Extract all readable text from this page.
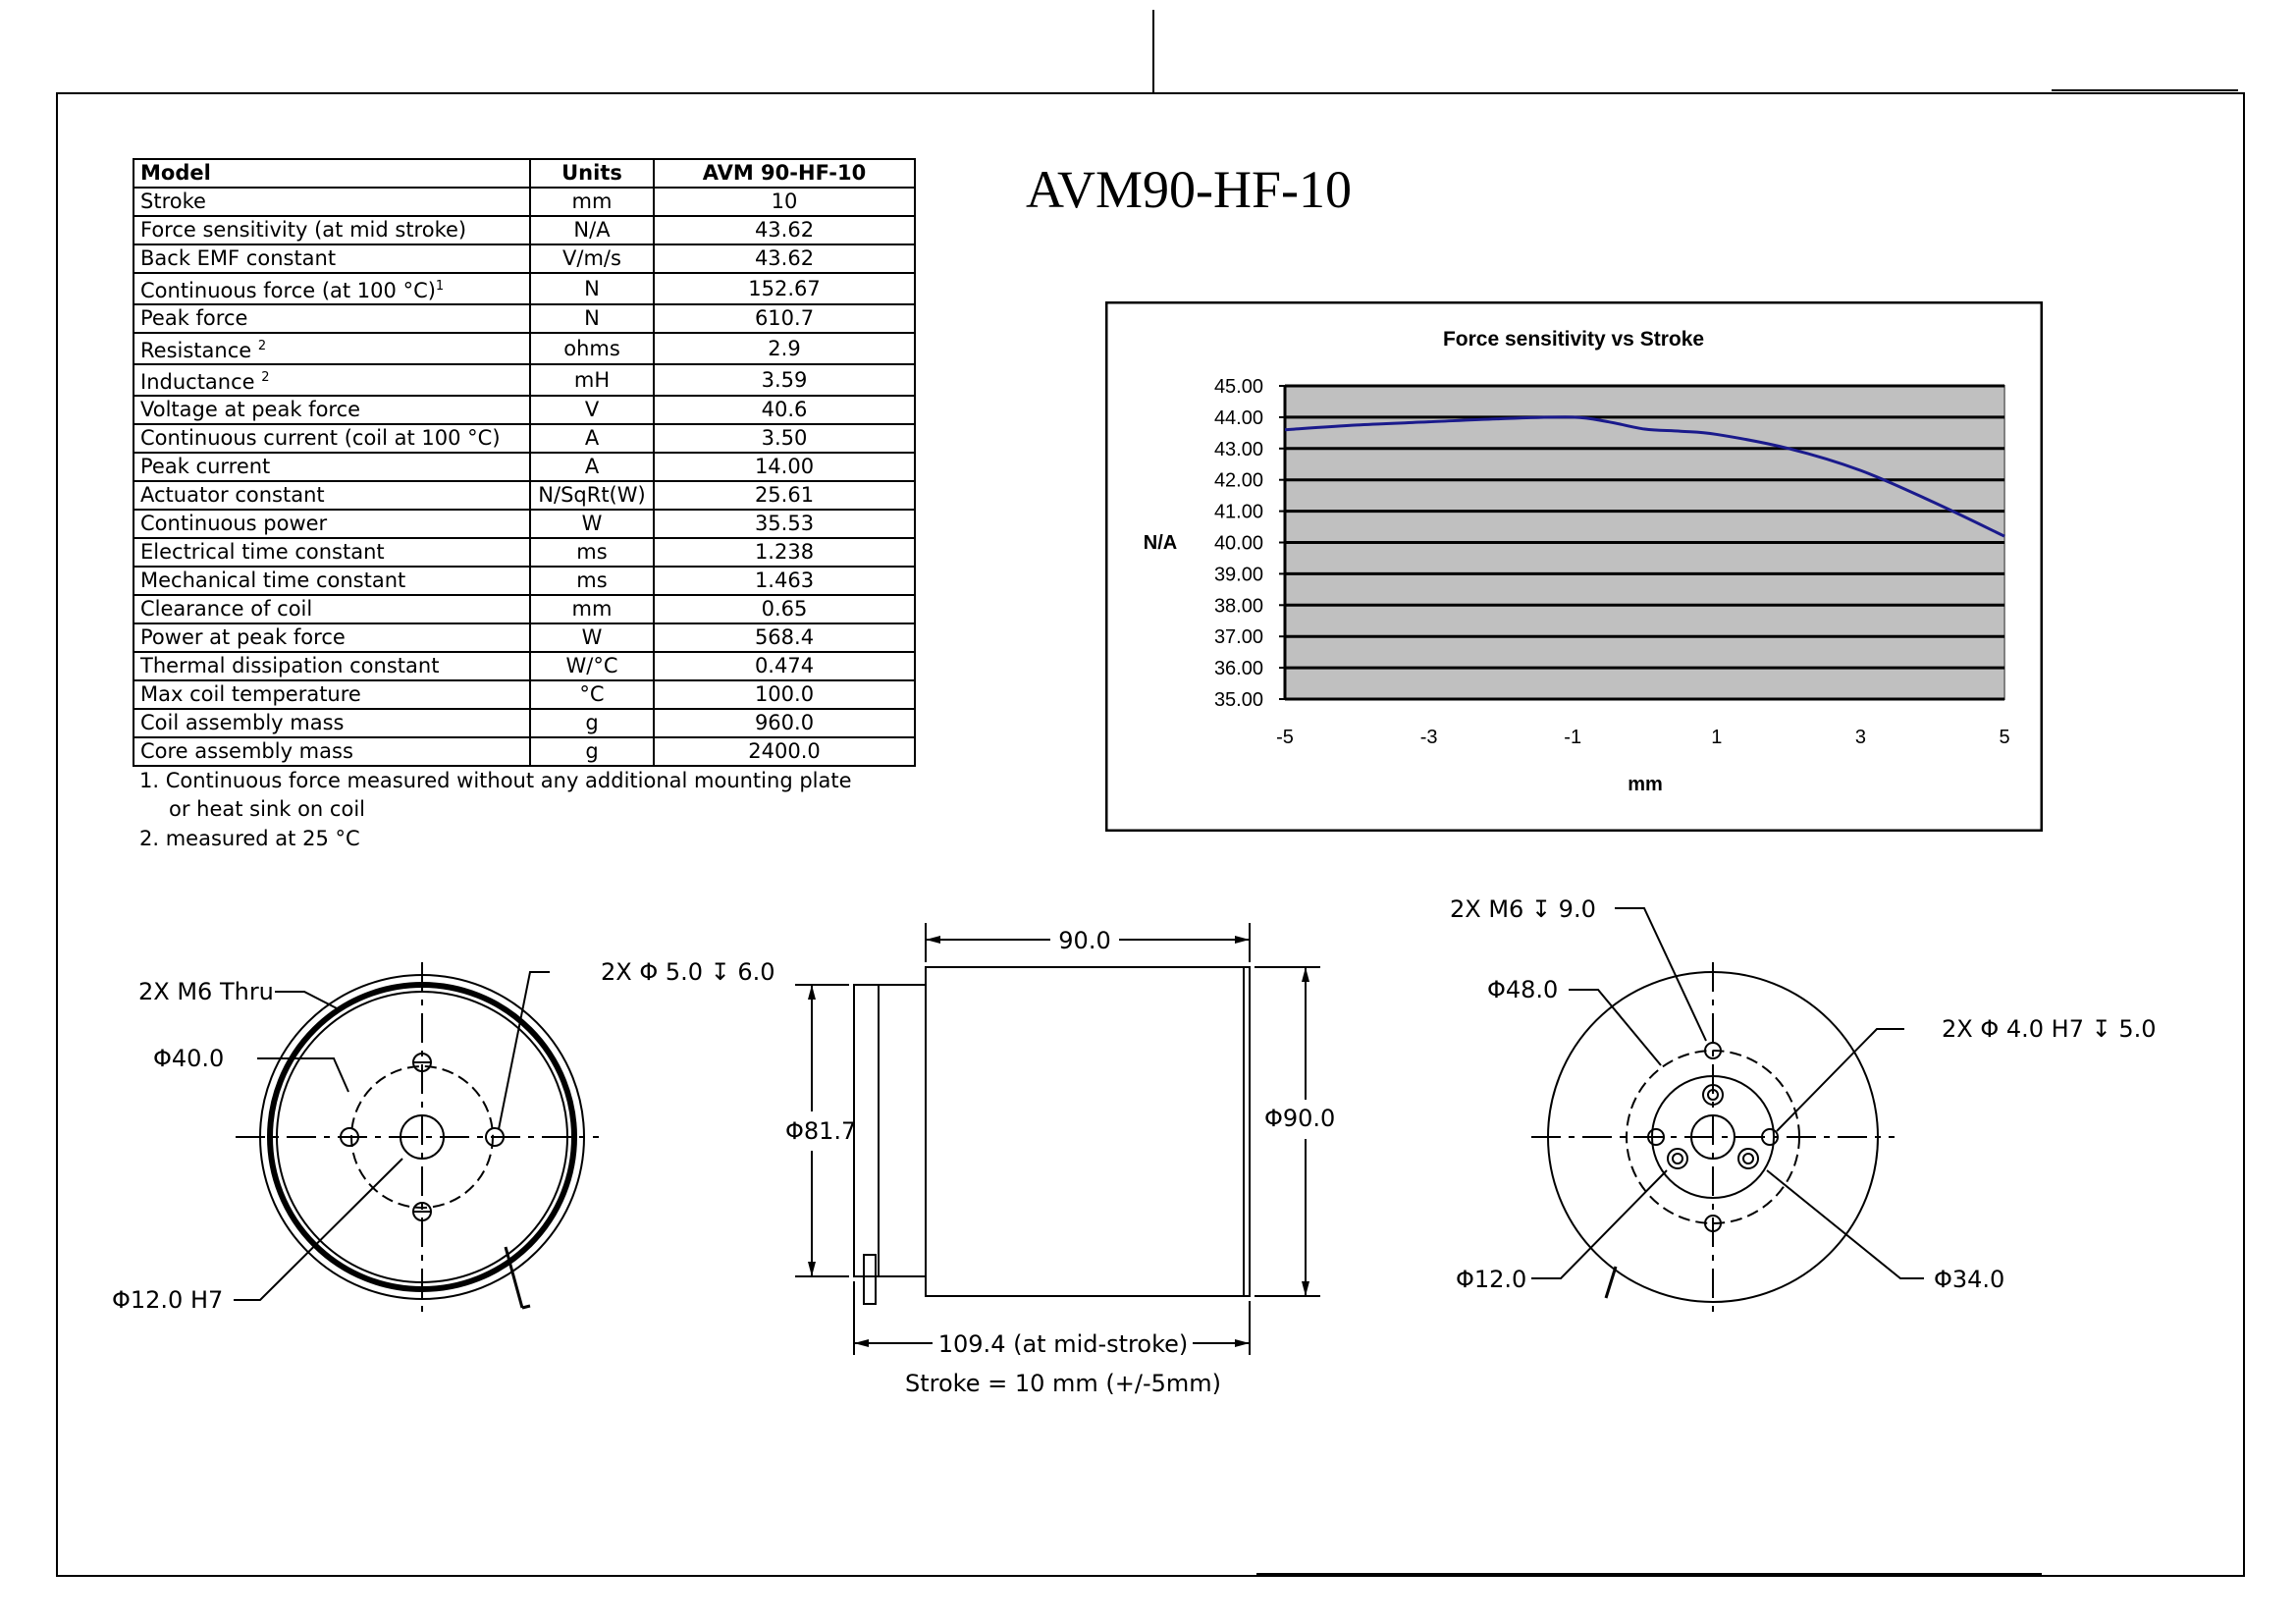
Model	Units	AVM 90-HF-10
Stroke	mm	10
Force sensitivity (at mid stroke)	N/A	43.62
Back EMF constant	V/m/s	43.62
Continuous force (at 100 °C)$^1$	N	152.67
Peak force	N	610.7
Resistance $^2$	ohms	2.9
Inductance $^2$	mH	3.59
Voltage at peak force	V	40.6
Continuous current (coil at 100 °C)	A	3.50
Peak current	A	14.00
Actuator constant	N/SqRt(W)	25.61
Continuous power	W	35.53
Electrical time constant	ms	1.238
Mechanical time constant	ms	1.463
Clearance of coil	mm	0.65
Power at peak force	W	568.4
Thermal dissipation constant	W/°C	0.474
Max coil temperature	°C	100.0
Coil assembly mass	g	960.0
Core assembly mass	g	2400.0
1. Continuous force measured without any additional mounting plate
or heat sink on coil
2. measured at 25 °C
AVM90-HF-10
Force sensitivity vs Stroke
45.00
44.00
43.00
42.00
41.00
40.00
39.00
38.00
37.00
36.00
35.00
-5	-3	-1	1	3	5
N/A
mm
2X M6 Thru
Φ40.0
Φ12.0 H7
2X Φ 5.0 ↧ 6.0
90.0
Φ81.7	Φ90.0
109.4 (at mid-stroke)
Stroke = 10 mm (+/-5mm)
2X M6 ↧ 9.0
Φ48.0
2X Φ 4.0 H7 ↧ 5.0
Φ12.0	Φ34.0
